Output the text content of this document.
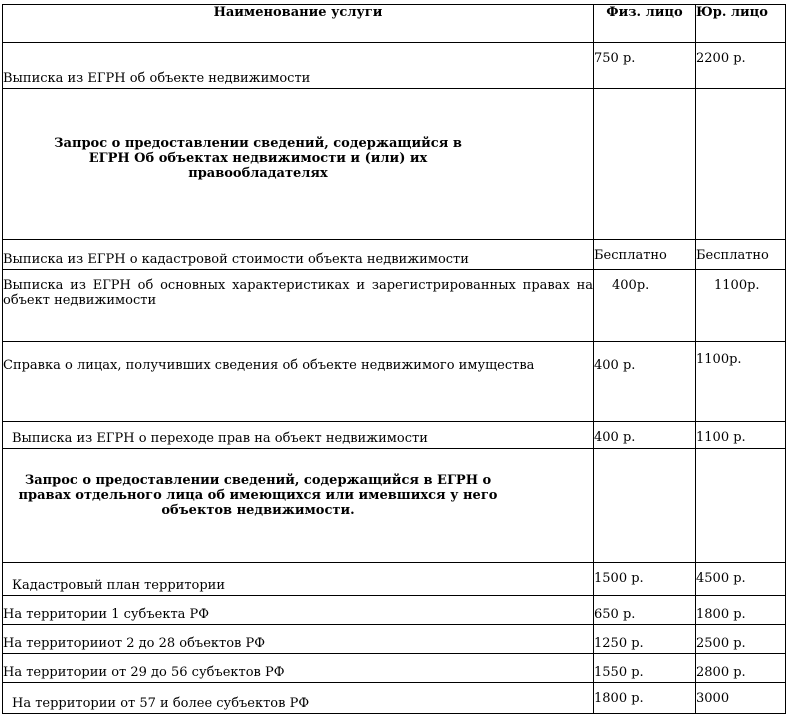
Наименование услуги	Физ. лицо	Юр. лицо
Выписка из ЕГРН об объекте недвижимости	750 р.	2200 р.

Запрос о предоставлении сведений, содержащийся в ЕГРН Об объектах недвижимости и (или) их правообладателях		

Выписка из ЕГРН о кадастровой стоимости объекта недвижимости	Бесплатно	Бесплатно
Выписка из ЕГРН об основных характеристиках и зарегистрированных правах на объект недвижимости	400р.	1100р.
Справка о лицах, получивших сведения об объекте недвижимого имущества	400 р.	1100р.
Выписка из ЕГРН о переходе прав на объект недвижимости	400 р.	1100 р.

Запрос о предоставлении сведений, содержащийся в ЕГРН о правах отдельного лица об имеющихся или имевшихся у него объектов недвижимости.		

Кадастровый план территории	1500 р.	4500 р.
На территории 1 субъекта РФ	650 р.	1800 р.
На территорииот 2 до 28 объектов РФ	1250 р.	2500 р.
На территории от 29 до 56 субъектов РФ	1550 р.	2800 р.
На территории от 57 и более субъектов РФ	1800 р.	3000
